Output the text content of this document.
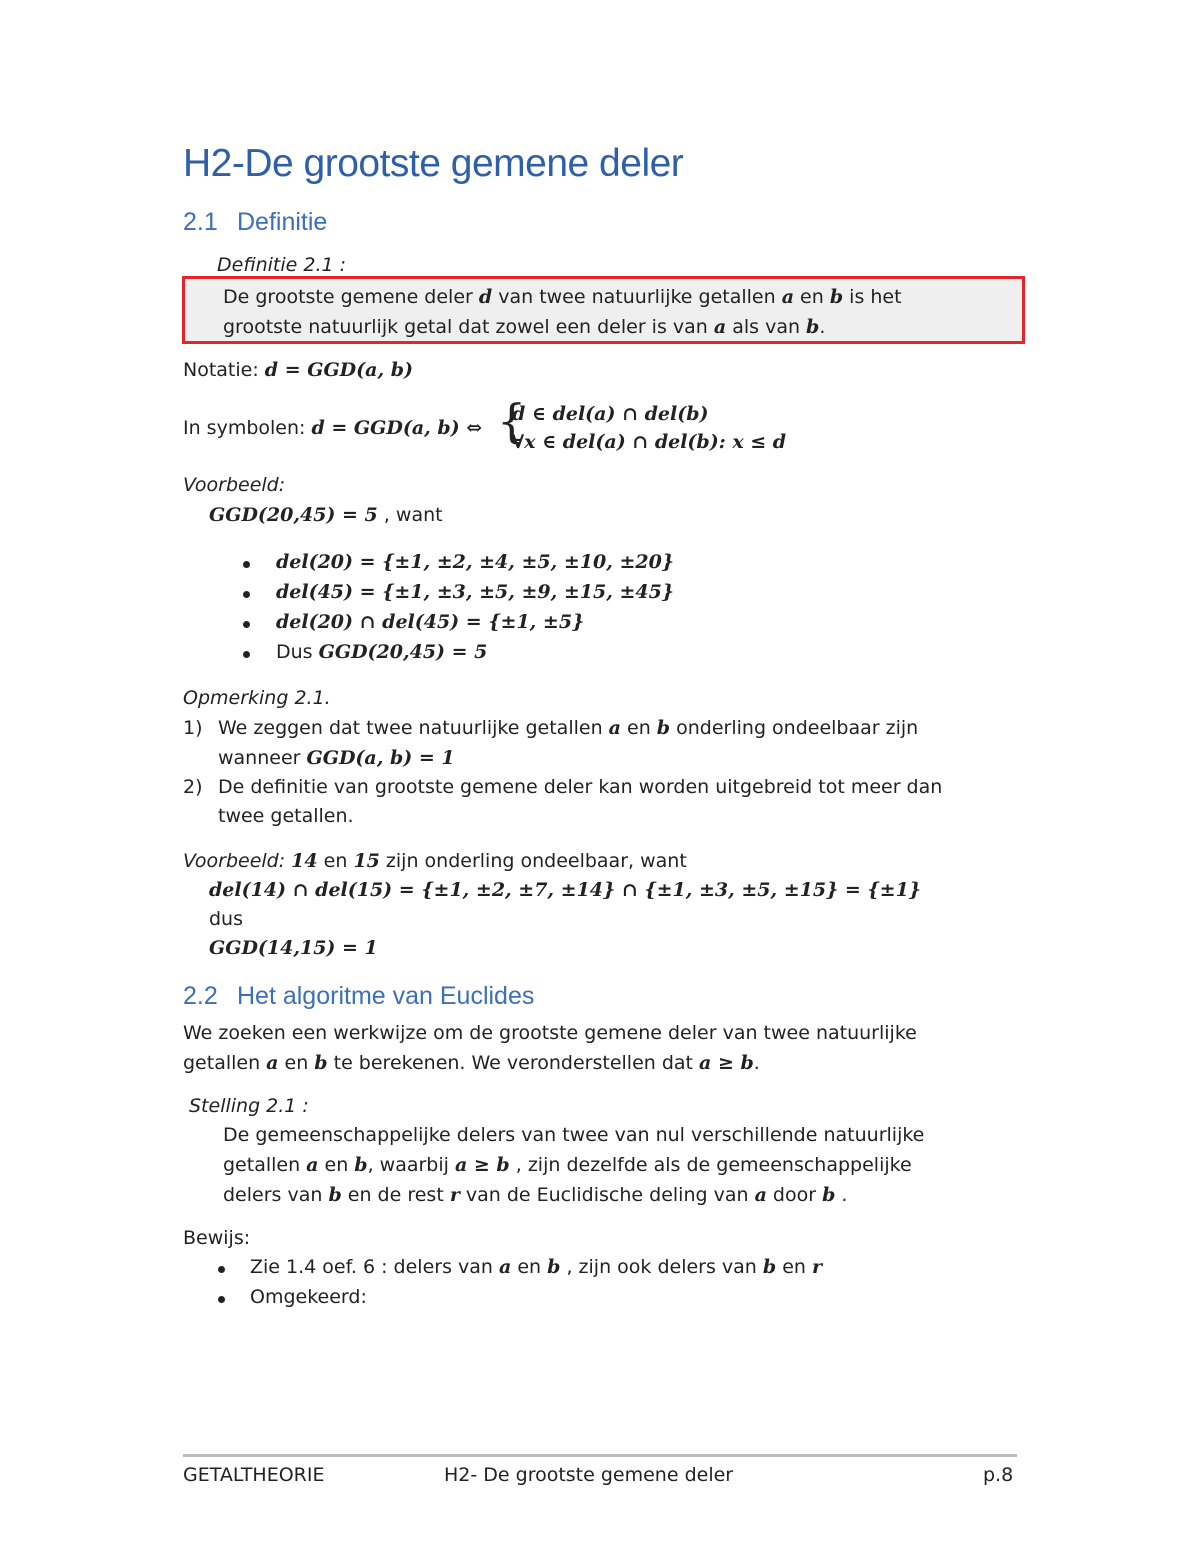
H2-De grootste gemene deler
2.1 Definitie
Definitie 2.1 :
De grootste gemene deler d van twee natuurlijke getallen a en b is het
grootste natuurlijk getal dat zowel een deler is van a als van b.
Notatie: d = GGD(a, b)
In symbolen: d = GGD(a, b) ⇔ {
d ∈ del(a) ∩ del(b)
∀x ∈ del(a) ∩ del(b): x ≤ d
Voorbeeld:
GGD(20,45) = 5 , want
del(20) = {±1, ±2, ±4, ±5, ±10, ±20}
del(45) = {±1, ±3, ±5, ±9, ±15, ±45}
del(20) ∩ del(45) = {±1, ±5}
Dus GGD(20,45) = 5
Opmerking 2.1.
1) We zeggen dat twee natuurlijke getallen a en b onderling ondeelbaar zijn
wanneer GGD(a, b) = 1
2) De definitie van grootste gemene deler kan worden uitgebreid tot meer dan
twee getallen.
Voorbeeld: 14 en 15 zijn onderling ondeelbaar, want
del(14) ∩ del(15) = {±1, ±2, ±7, ±14} ∩ {±1, ±3, ±5, ±15} = {±1}
dus
GGD(14,15) = 1
2.2 Het algoritme van Euclides
We zoeken een werkwijze om de grootste gemene deler van twee natuurlijke
getallen a en b te berekenen. We veronderstellen dat a ≥ b.
Stelling 2.1 :
De gemeenschappelijke delers van twee van nul verschillende natuurlijke
getallen a en b, waarbij a ≥ b , zijn dezelfde als de gemeenschappelijke
delers van b en de rest r van de Euclidische deling van a door b .
Bewijs:
Zie 1.4 oef. 6 : delers van a en b , zijn ook delers van b en r
Omgekeerd:
GETALTHEORIE	H2- De grootste gemene deler	p.8
